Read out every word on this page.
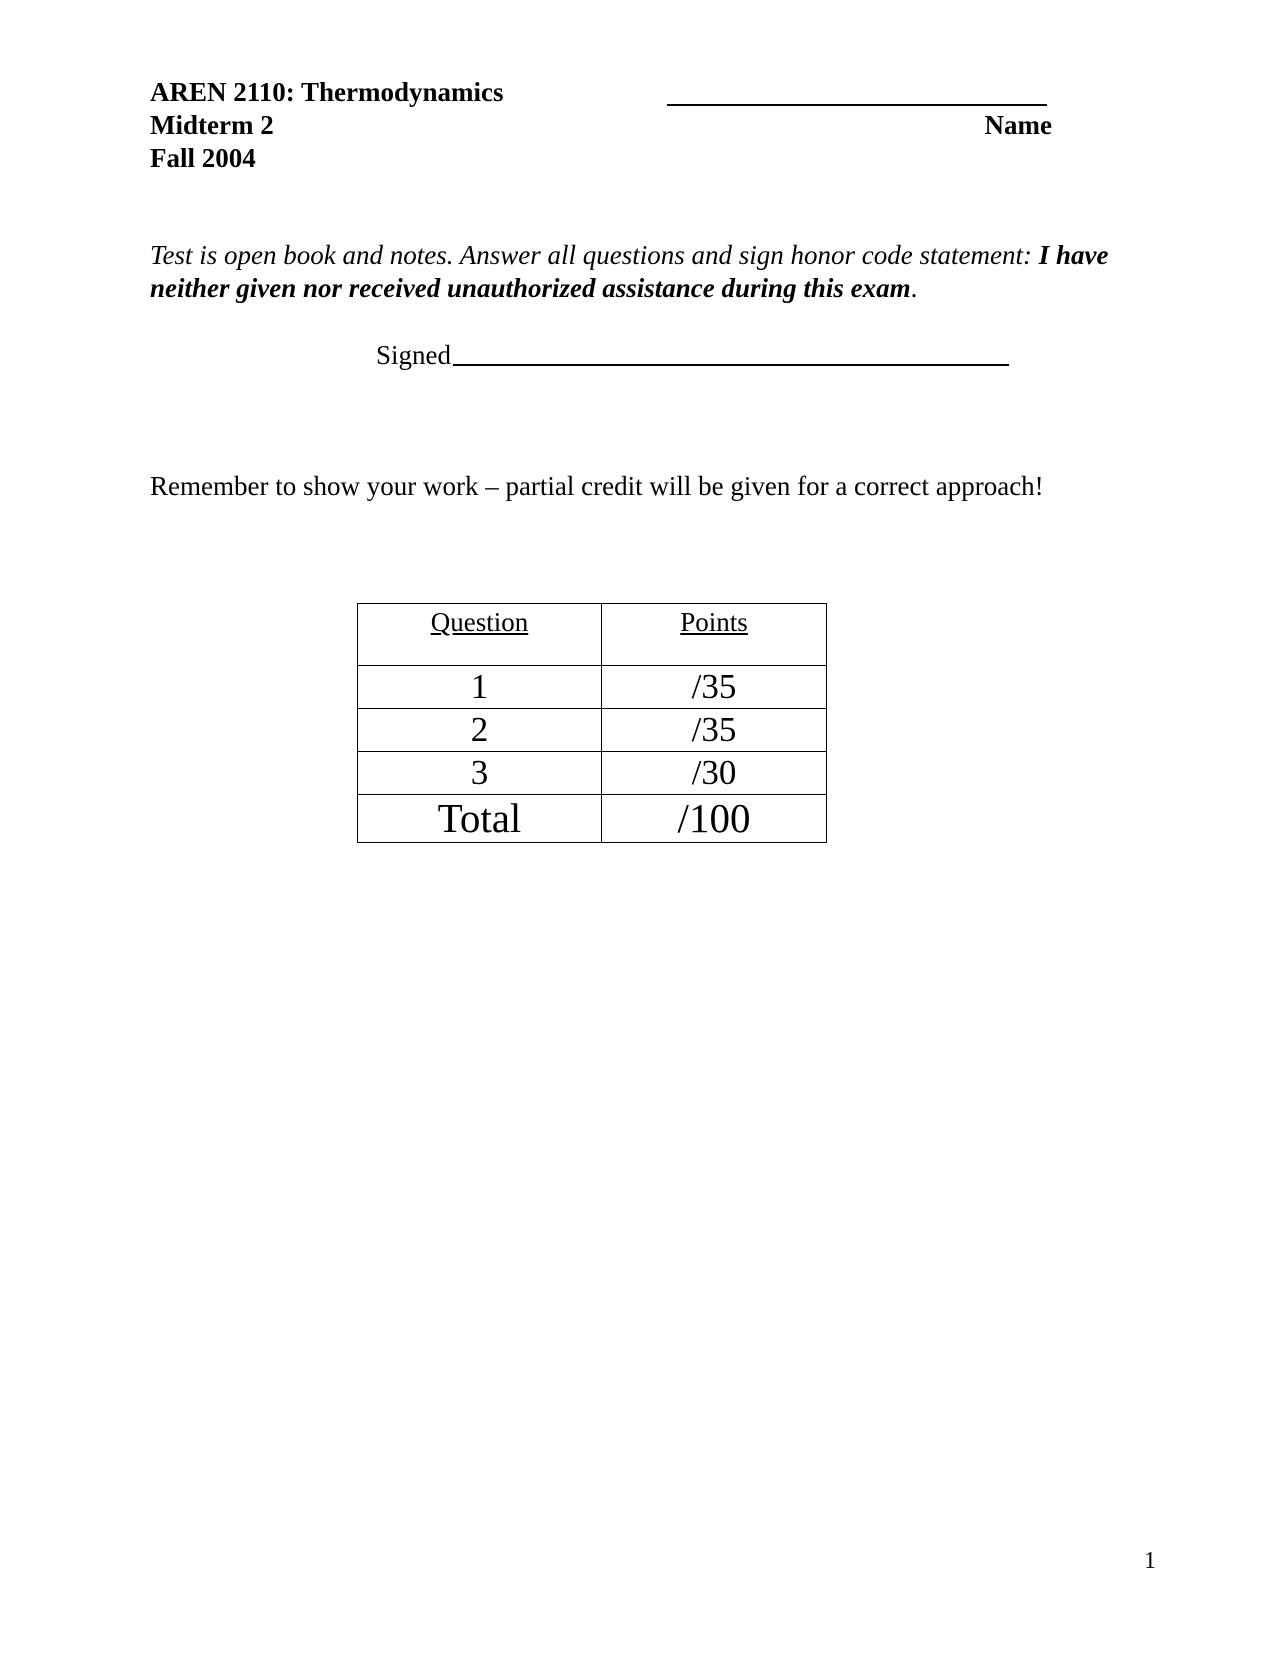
AREN 2110: Thermodynamics
Midterm 2
Fall 2004
Name
Test is open book and notes. Answer all questions and sign honor code statement: I have neither given nor received unauthorized assistance during this exam.
Signed
Remember to show your work – partial credit will be given for a correct approach!
Question	Points
1	/35
2	/35
3	/30
Total	/100
1
